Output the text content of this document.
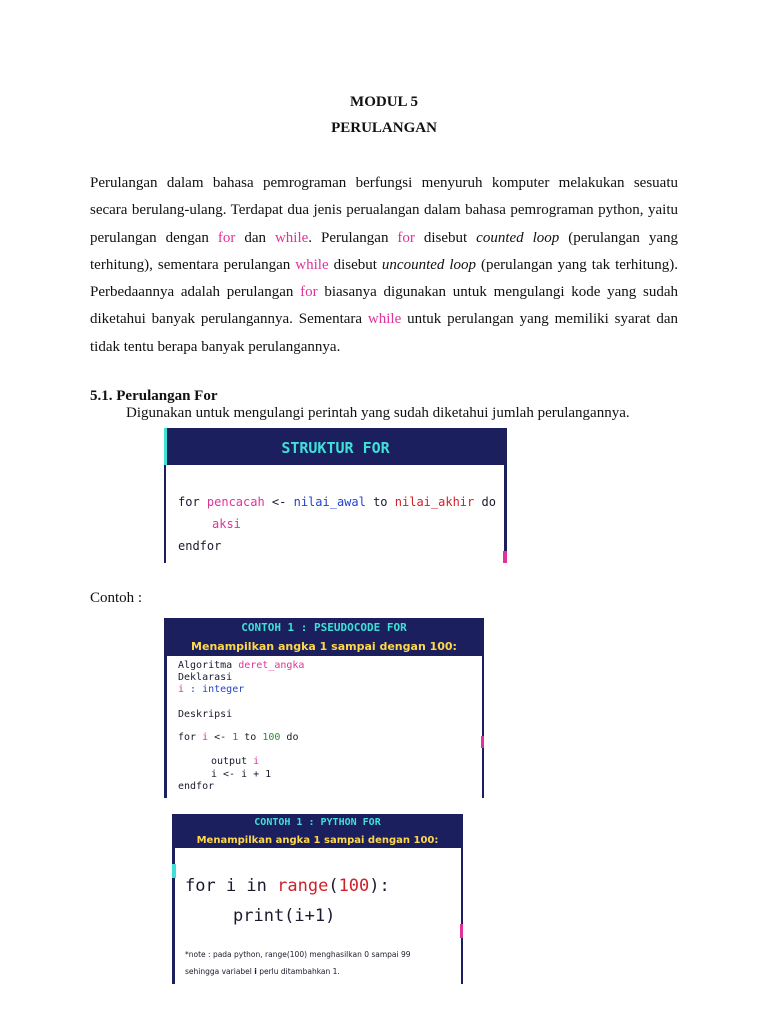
MODUL 5
PERULANGAN
Perulangan dalam bahasa pemrograman berfungsi menyuruh komputer melakukan sesuatu
secara berulang-ulang. Terdapat dua jenis perualangan dalam bahasa pemrograman python, yaitu
perulangan dengan for dan while. Perulangan for disebut counted loop (perulangan yang
terhitung), sementara perulangan while disebut uncounted loop (perulangan yang tak terhitung).
Perbedaannya adalah perulangan for biasanya digunakan untuk mengulangi kode yang sudah
diketahui banyak perulangannya. Sementara while untuk perulangan yang memiliki syarat dan
tidak tentu berapa banyak perulangannya.
5.1. Perulangan For
Digunakan untuk mengulangi perintah yang sudah diketahui jumlah perulangannya.
STRUKTUR FOR
for pencacah <- nilai_awal to nilai_akhir do
aksi
endfor
Contoh :
CONTOH 1 : PSEUDOCODE FOR
Menampilkan angka 1 sampai dengan 100:
Algoritma deret_angka
Deklarasi
i : integer
Deskripsi
for i <- 1 to 100 do
output i
i <- i + 1
endfor
CONTOH 1 : PYTHON FOR
Menampilkan angka 1 sampai dengan 100:
for i in range(100):
print(i+1)
*note : pada python, range(100) menghasilkan 0 sampai 99
sehingga variabel i perlu ditambahkan 1.
